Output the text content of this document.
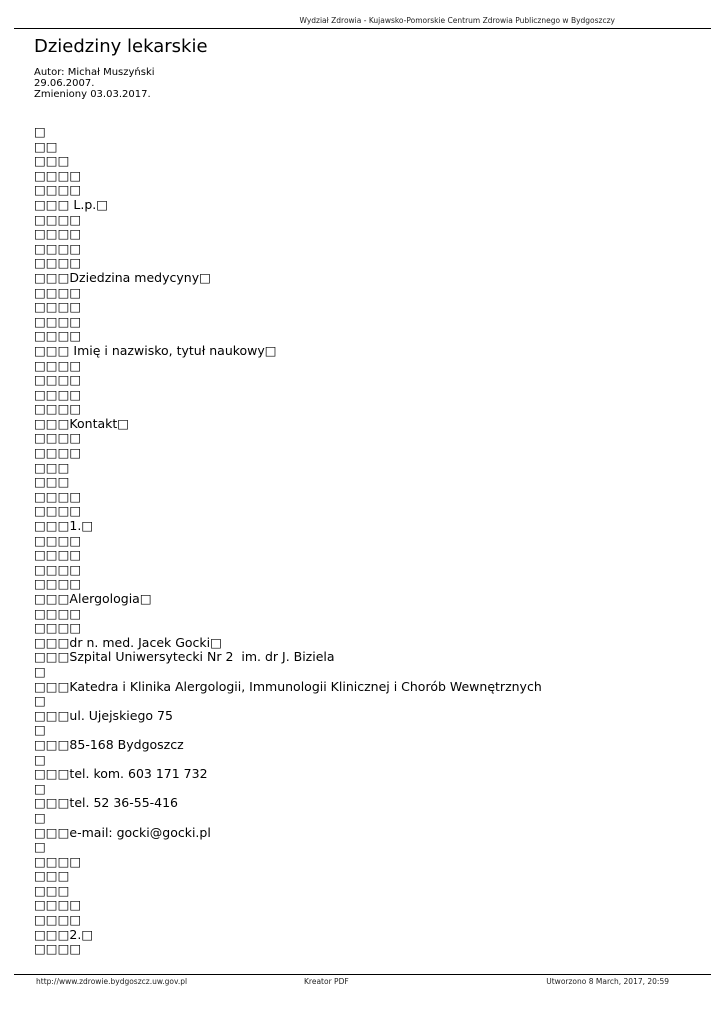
Wydział Zdrowia - Kujawsko-Pomorskie Centrum Zdrowia Publicznego w Bydgoszczy
Dziedziny lekarskie
Autor: Michał Muszyński
29.06.2007.
Zmieniony 03.03.2017.
□
□□
□□□
□□□□
□□□□
□□□ L.p.□
□□□□
□□□□
□□□□
□□□□
□□□Dziedzina medycyny□
□□□□
□□□□
□□□□
□□□□
□□□ Imię i nazwisko, tytuł naukowy□
□□□□
□□□□
□□□□
□□□□
□□□Kontakt□
□□□□
□□□□
□□□
□□□
□□□□
□□□□
□□□1.□
□□□□
□□□□
□□□□
□□□□
□□□Alergologia□
□□□□
□□□□
□□□dr n. med. Jacek Gocki□
□□□Szpital Uniwersytecki Nr 2  im. dr J. Biziela
□
□□□Katedra i Klinika Alergologii, Immunologii Klinicznej i Chorób Wewnętrznych
□
□□□ul. Ujejskiego 75
□
□□□85-168 Bydgoszcz
□
□□□tel. kom. 603 171 732
□
□□□tel. 52 36-55-416
□
□□□e-mail: gocki@gocki.pl
□
□□□□
□□□
□□□
□□□□
□□□□
□□□2.□
□□□□
http://www.zdrowie.bydgoszcz.uw.gov.pl	Kreator PDF	Utworzono 8 March, 2017, 20:59
